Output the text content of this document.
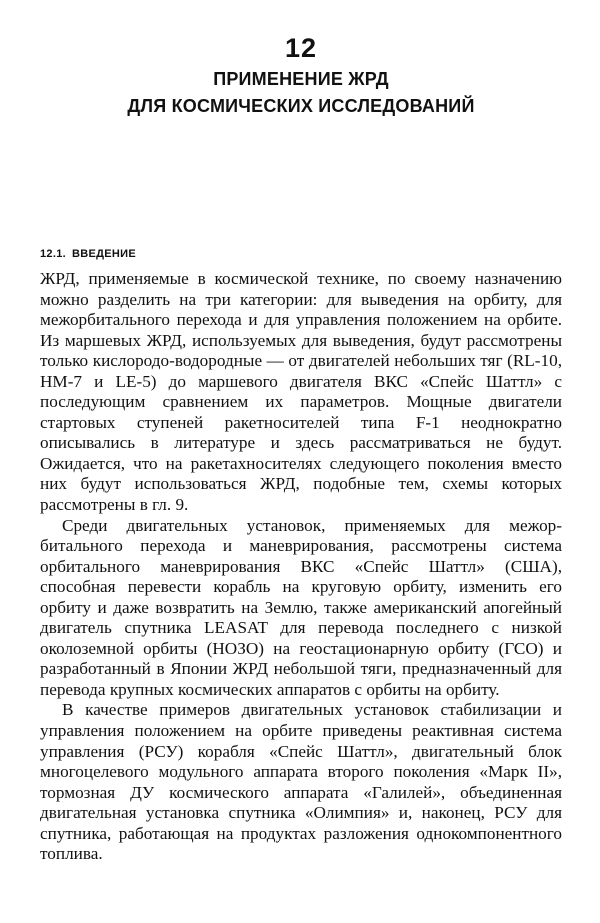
12
ПРИМЕНЕНИЕ ЖРД
ДЛЯ КОСМИЧЕСКИХ ИССЛЕДОВАНИЙ
12.1. ВВЕДЕНИЕ

ЖРД, применяемые в космической технике, по своему назначению можно разделить на три категории: для выведения на орбиту, для межорбитального перехода и для управления положением на орбите. Из маршевых ЖРД, используемых для выведения, будут рассмотрены только кислородо-водородные — от двигателей небольших тяг (RL-10, НМ-7 и LE-5) до маршевого двигателя ВКС «Спейс Шаттл» с последующим сравнением их параметров. Мощные двигатели стартовых ступеней ракетносителей типа F-1 неоднократно описывались в литературе и здесь рассматриваться не будут. Ожидается, что на ракетахносителях следующего поколения вместо них будут использоваться ЖРД, подобные тем, схемы которых рассмотрены в гл. 9.

Среди двигательных установок, применяемых для межорбитального перехода и маневрирования, рассмотрены система орбитального маневрирования ВКС «Спейс Шаттл» (США), способная перевести корабль на круговую орбиту, изменить его орбиту и даже возвратить на Землю, также американский апогейный двигатель спутника LEASAT для перевода последнего с низкой околоземной орбиты (НОЗО) на геостационарную орбиту (ГСО) и разработанный в Японии ЖРД небольшой тяги, предназначенный для перевода крупных космических аппаратов с орбиты на орбиту.

В качестве примеров двигательных установок стабилизации и управления положением на орбите приведены реактивная система управления (РСУ) корабля «Спейс Шаттл», двигательный блок многоцелевого модульного аппарата второго поколения «Марк II», тормозная ДУ космического аппарата «Галилей», объединенная двигательная установка спутника «Олимпия» и, наконец, РСУ для спутника, работающая на продуктах разложения однокомпонентного топлива.
